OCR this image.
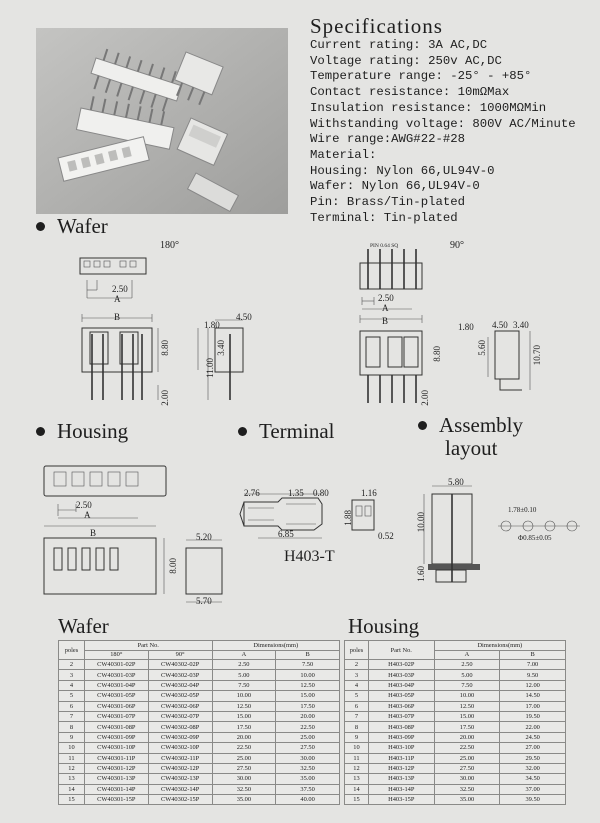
Specifications
Current rating: 3A AC,DC
Voltage rating: 250v AC,DC
Temperature range: -25° - +85°
Contact resistance: 10mΩMax
Insulation resistance: 1000MΩMin
Withstanding voltage: 800V AC/Minute
Wire range:AWG#22-#28
Material:
Housing: Nylon 66,UL94V-0
Wafer: Nylon 66,UL94V-0
Pin: Brass/Tin-plated
Terminal: Tin-plated
Wafer
180°	90°
2.50
A
B
1.80
4.50
8.80
11.00
3.40
2.00
PIN 0.64 SQ
2.50
A
B
1.80 4.50 3.40
8.80	5.60	10.70
2.00
Housing	Terminal	Assembly
layout
2.50
A
B
8.00
5.20
5.70
2.76	1.35 0.80	1.16
1.88
6.85	0.52
H403-T
5.80
10.00
1.60
1.78±0.10
Φ0.85±0.05
Wafer	Housing
poles	Part No.		Dimensions(mm)	
	180°	90°	A	B
2	CW40301-02P	CW40302-02P	2.50	7.50
3	CW40301-03P	CW40302-03P	5.00	10.00
4	CW40301-04P	CW40302-04P	7.50	12.50
5	CW40301-05P	CW40302-05P	10.00	15.00
6	CW40301-06P	CW40302-06P	12.50	17.50
7	CW40301-07P	CW40302-07P	15.00	20.00
8	CW40301-08P	CW40302-08P	17.50	22.50
9	CW40301-09P	CW40302-09P	20.00	25.00
10	CW40301-10P	CW40302-10P	22.50	27.50
11	CW40301-11P	CW40302-11P	25.00	30.00
12	CW40301-12P	CW40302-12P	27.50	32.50
13	CW40301-13P	CW40302-13P	30.00	35.00
14	CW40301-14P	CW40302-14P	32.50	37.50
15	CW40301-15P	CW40302-15P	35.00	40.00
poles	Part No.	Dimensions(mm)	
		A	B
2	H403-02P	2.50	7.00
3	H403-03P	5.00	9.50
4	H403-04P	7.50	12.00
5	H403-05P	10.00	14.50
6	H403-06P	12.50	17.00
7	H403-07P	15.00	19.50
8	H403-08P	17.50	22.00
9	H403-09P	20.00	24.50
10	H403-10P	22.50	27.00
11	H403-11P	25.00	29.50
12	H403-12P	27.50	32.00
13	H403-13P	30.00	34.50
14	H403-14P	32.50	37.00
15	H403-15P	35.00	39.50
